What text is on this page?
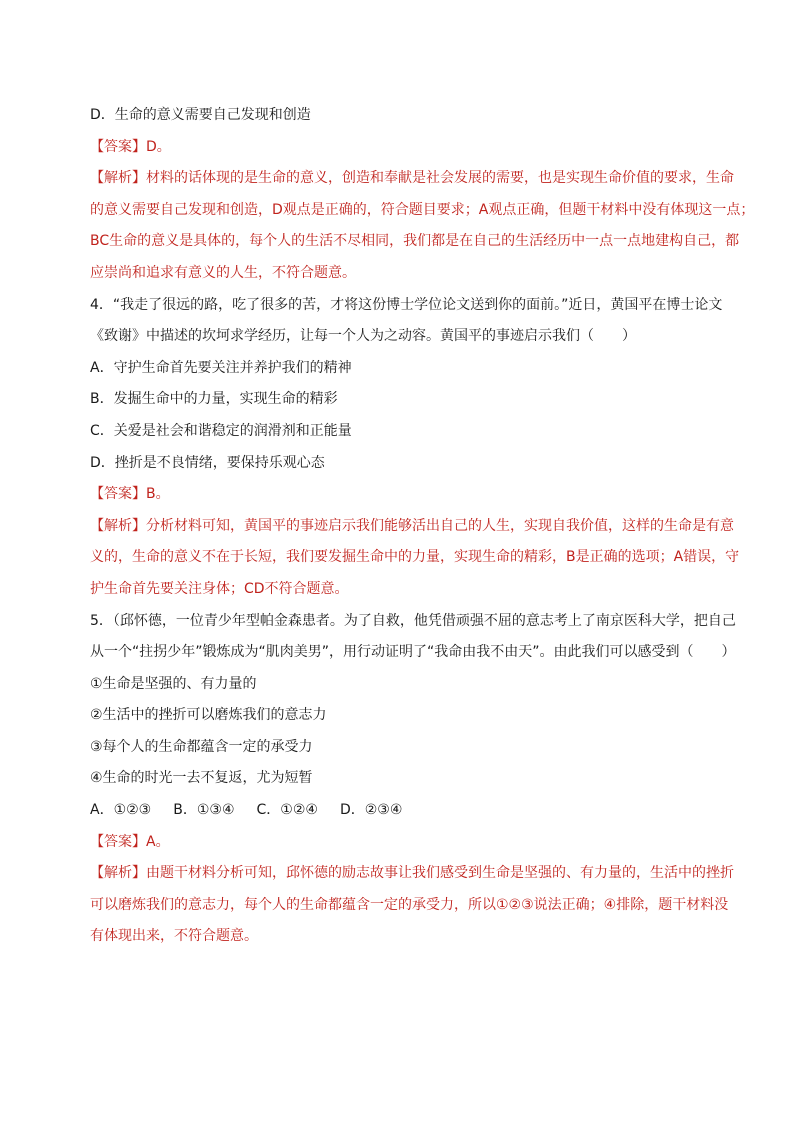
D．生命的意义需要自己发现和创造
【答案】D。
【解析】材料的话体现的是生命的意义，创造和奉献是社会发展的需要，也是实现生命价值的要求，生命
的意义需要自己发现和创造，D观点是正确的，符合题目要求；A观点正确，但题干材料中没有体现这一点；
BC生命的意义是具体的，每个人的生活不尽相同，我们都是在自己的生活经历中一点一点地建构自己，都
应崇尚和追求有意义的人生，不符合题意。
4．“我走了很远的路，吃了很多的苦，才将这份博士学位论文送到你的面前。”近日，黄国平在博士论文
《致谢》中描述的坎坷求学经历，让每一个人为之动容。黄国平的事迹启示我们（　　）
A．守护生命首先要关注并养护我们的精神
B．发掘生命中的力量，实现生命的精彩
C．关爱是社会和谐稳定的润滑剂和正能量
D．挫折是不良情绪，要保持乐观心态
【答案】B。
【解析】分析材料可知，黄国平的事迹启示我们能够活出自己的人生，实现自我价值，这样的生命是有意
义的，生命的意义不在于长短，我们要发掘生命中的力量，实现生命的精彩，B是正确的选项；A错误，守
护生命首先要关注身体；CD不符合题意。
5．（邱怀德，一位青少年型帕金森患者。为了自救，他凭借顽强不屈的意志考上了南京医科大学，把自己
从一个“拄拐少年”锻炼成为“肌肉美男”，用行动证明了“我命由我不由天”。由此我们可以感受到（　　）
①生命是坚强的、有力量的
②生活中的挫折可以磨炼我们的意志力
③每个人的生命都蕴含一定的承受力
④生命的时光一去不复返，尤为短暂
A．①②③ B．①③④ C．①②④ D．②③④
【答案】A。
【解析】由题干材料分析可知，邱怀德的励志故事让我们感受到生命是坚强的、有力量的，生活中的挫折
可以磨炼我们的意志力，每个人的生命都蕴含一定的承受力，所以①②③说法正确；④排除，题干材料没
有体现出来，不符合题意。
